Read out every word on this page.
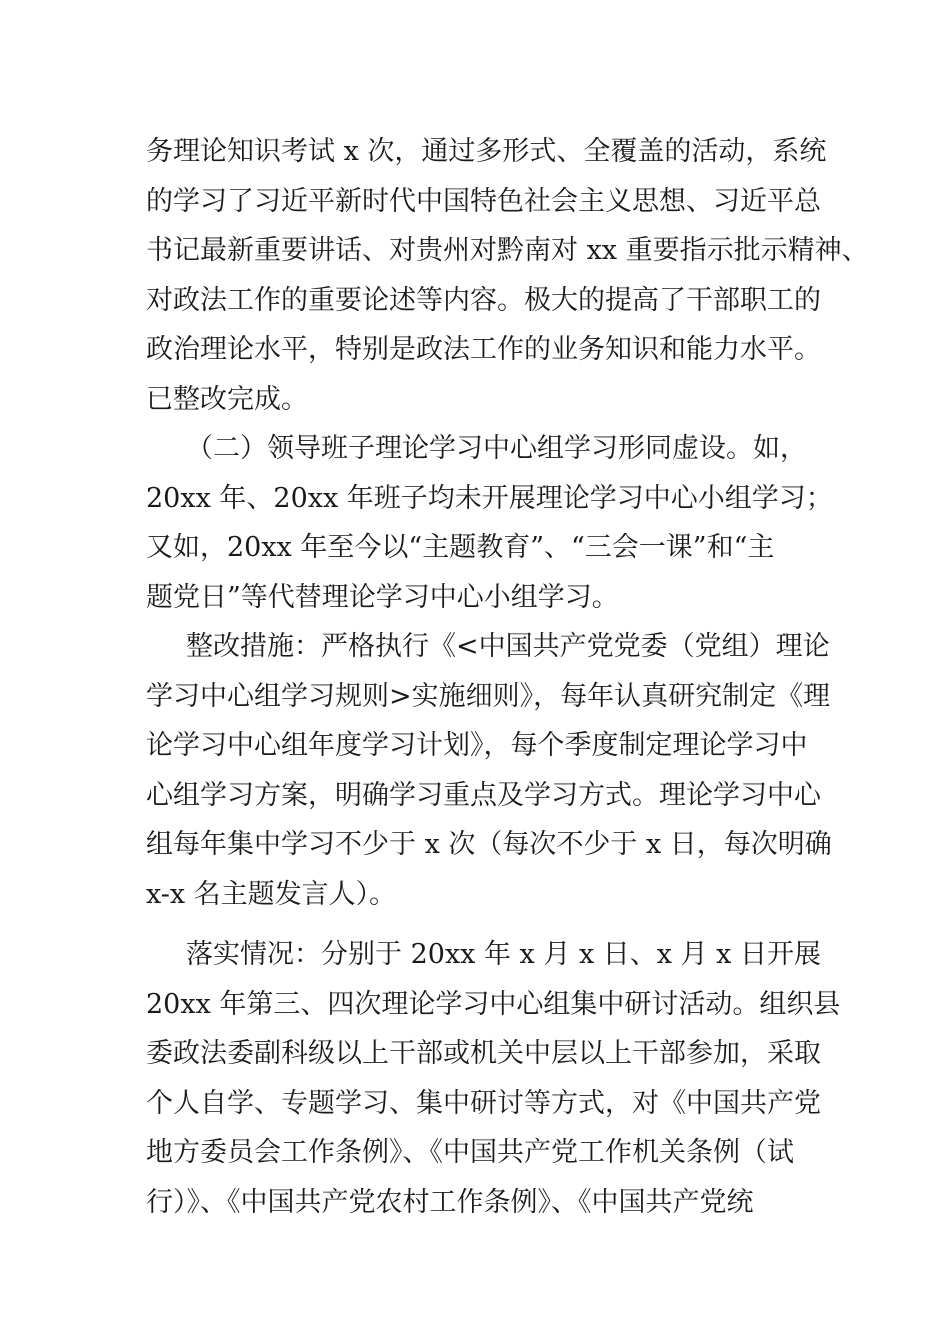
务理论知识考试 x 次，通过多形式、全覆盖的活动，系统
的学习了习近平新时代中国特色社会主义思想、习近平总
书记最新重要讲话、对贵州对黔南对 xx 重要指示批示精神、
对政法工作的重要论述等内容。极大的提高了干部职工的
政治理论水平，特别是政法工作的业务知识和能力水平。
已整改完成。
（二）领导班子理论学习中心组学习形同虚设。如，
20xx 年、20xx 年班子均未开展理论学习中心小组学习；
又如，20xx 年至今以“主题教育”、“三会一课”和“主
题党日”等代替理论学习中心小组学习。
整改措施：严格执行《<中国共产党党委（党组）理论
学习中心组学习规则>实施细则》，每年认真研究制定《理
论学习中心组年度学习计划》，每个季度制定理论学习中
心组学习方案，明确学习重点及学习方式。理论学习中心
组每年集中学习不少于 x 次（每次不少于 x 日，每次明确
x-x 名主题发言人）。
落实情况：分别于 20xx 年 x 月 x 日、x 月 x 日开展
20xx 年第三、四次理论学习中心组集中研讨活动。组织县
委政法委副科级以上干部或机关中层以上干部参加，采取
个人自学、专题学习、集中研讨等方式，对《中国共产党
地方委员会工作条例》、《中国共产党工作机关条例（试
行）》、《中国共产党农村工作条例》、《中国共产党统
